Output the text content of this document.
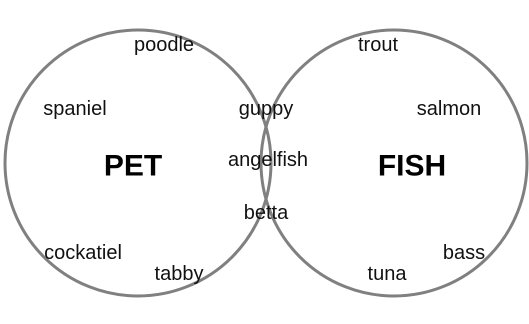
PET	FISH
poodle
spaniel
cockatiel
tabby
guppy
angelfish
betta
trout
salmon
bass
tuna
